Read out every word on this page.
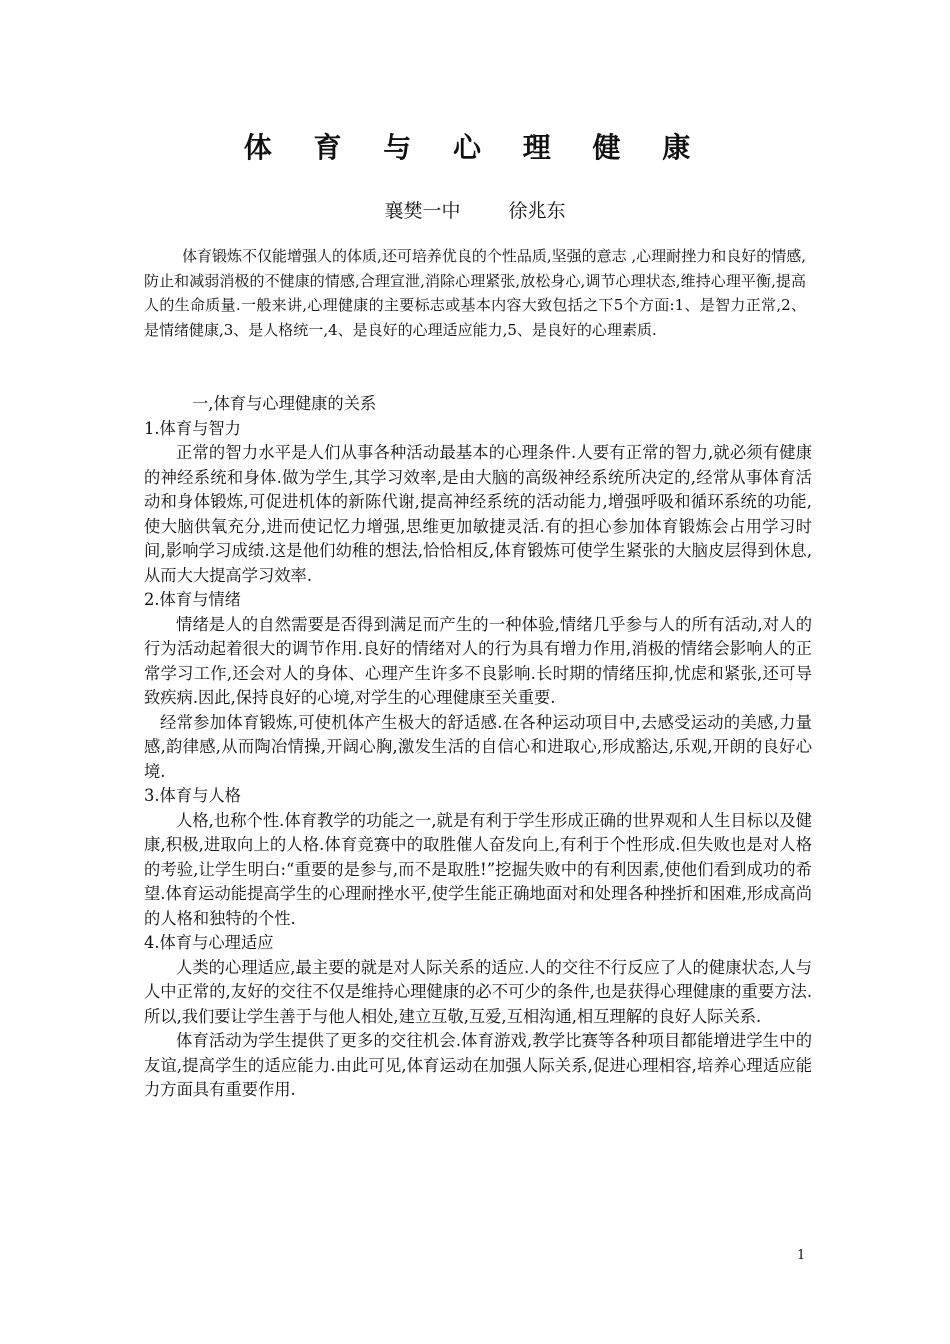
体 育 与 心 理 健 康
襄樊一中	徐兆东

体育锻炼不仅能增强人的体质,还可培养优良的个性品质,坚强的意志 ,心理耐挫力和良好的情感,防止和减弱消极的不健康的情感,合理宣泄,消除心理紧张,放松身心,调节心理状态,维持心理平衡,提高人的生命质量.一般来讲,心理健康的主要标志或基本内容大致包括之下5个方面:1、是智力正常,2、是情绪健康,3、是人格统一,4、是良好的心理适应能力,5、是良好的心理素质.

一,体育与心理健康的关系

1.体育与智力

正常的智力水平是人们从事各种活动最基本的心理条件.人要有正常的智力,就必须有健康的神经系统和身体.做为学生,其学习效率,是由大脑的高级神经系统所决定的,经常从事体育活动和身体锻炼,可促进机体的新陈代谢,提高神经系统的活动能力,增强呼吸和循环系统的功能,使大脑供氧充分,进而使记忆力增强,思维更加敏捷灵活.有的担心参加体育锻炼会占用学习时间,影响学习成绩.这是他们幼稚的想法,恰恰相反,体育锻炼可使学生紧张的大脑皮层得到休息,从而大大提高学习效率.

2.体育与情绪

情绪是人的自然需要是否得到满足而产生的一种体验,情绪几乎参与人的所有活动,对人的行为活动起着很大的调节作用.良好的情绪对人的行为具有增力作用,消极的情绪会影响人的正常学习工作,还会对人的身体、心理产生许多不良影响.长时期的情绪压抑,忧虑和紧张,还可导致疾病.因此,保持良好的心境,对学生的心理健康至关重要.

经常参加体育锻炼,可使机体产生极大的舒适感.在各种运动项目中,去感受运动的美感,力量感,韵律感,从而陶冶情操,开阔心胸,激发生活的自信心和进取心,形成豁达,乐观,开朗的良好心境.

3.体育与人格

人格,也称个性.体育教学的功能之一,就是有利于学生形成正确的世界观和人生目标以及健康,积极,进取向上的人格.体育竞赛中的取胜催人奋发向上,有利于个性形成.但失败也是对人格的考验,让学生明白:“重要的是参与,而不是取胜!”挖掘失败中的有利因素,使他们看到成功的希望.体育运动能提高学生的心理耐挫水平,使学生能正确地面对和处理各种挫折和困难,形成高尚的人格和独特的个性.

4.体育与心理适应

人类的心理适应,最主要的就是对人际关系的适应.人的交往不行反应了人的健康状态,人与人中正常的,友好的交往不仅是维持心理健康的必不可少的条件,也是获得心理健康的重要方法.所以,我们要让学生善于与他人相处,建立互敬,互爱,互相沟通,相互理解的良好人际关系.

体育活动为学生提供了更多的交往机会.体育游戏,教学比赛等各种项目都能增进学生中的友谊,提高学生的适应能力.由此可见,体育运动在加强人际关系,促进心理相容,培养心理适应能力方面具有重要作用.

1
